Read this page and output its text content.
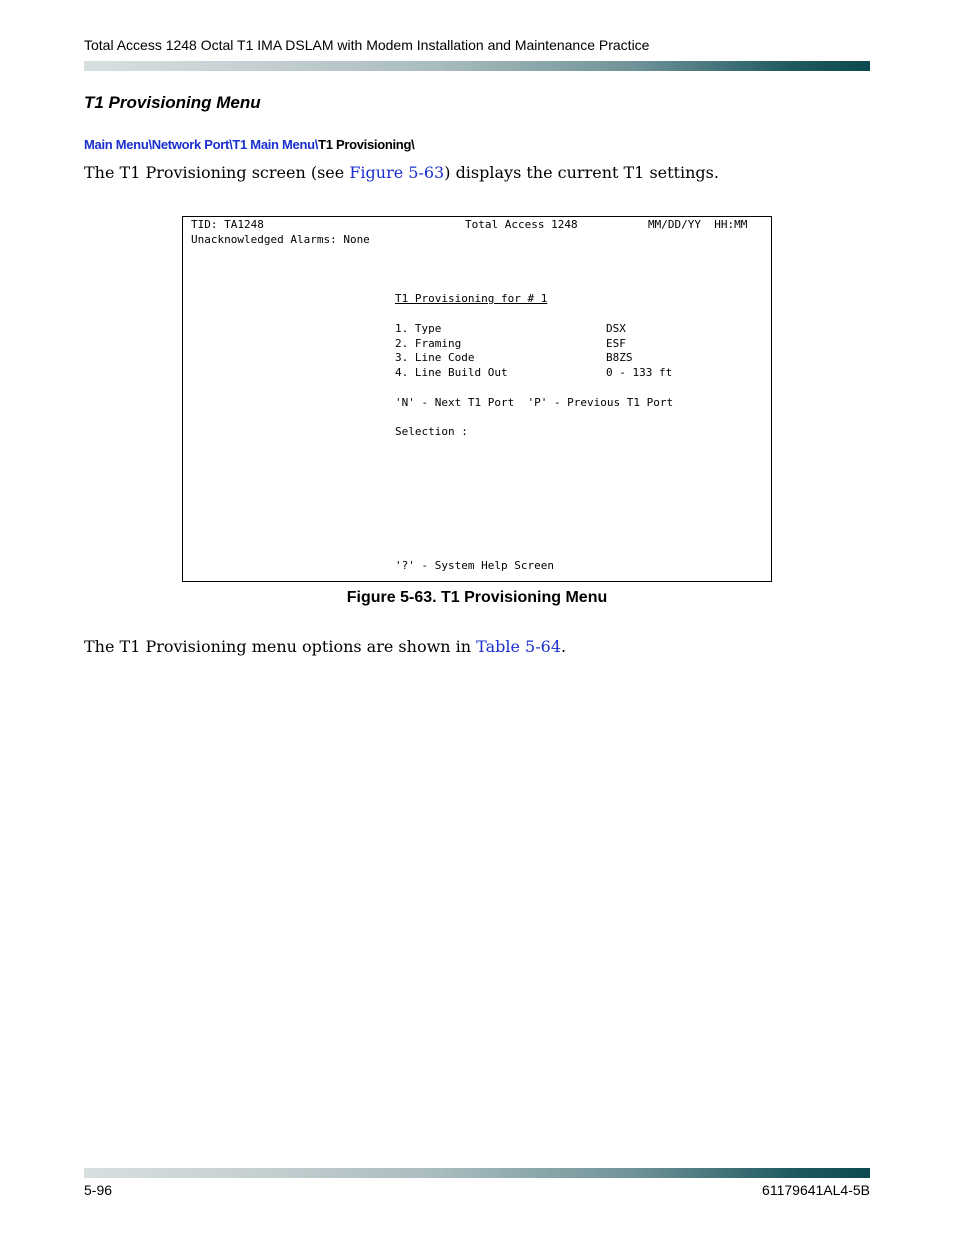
Total Access 1248 Octal T1 IMA DSLAM with Modem Installation and Maintenance Practice
T1 Provisioning Menu
Main Menu\Network Port\T1 Main Menu\T1 Provisioning\
The T1 Provisioning screen (see Figure 5-63) displays the current T1 settings.
TID: TA1248	Total Access 1248	MM/DD/YY  HH:MM
Unacknowledged Alarms: None
T1 Provisioning for # 1
1. Type	DSX
2. Framing	ESF
3. Line Code	B8ZS
4. Line Build Out	0 - 133 ft
'N' - Next T1 Port  'P' - Previous T1 Port
Selection :
'?' - System Help Screen
Figure 5-63. T1 Provisioning Menu
The T1 Provisioning menu options are shown in Table 5-64.
5-96	61179641AL4-5B
